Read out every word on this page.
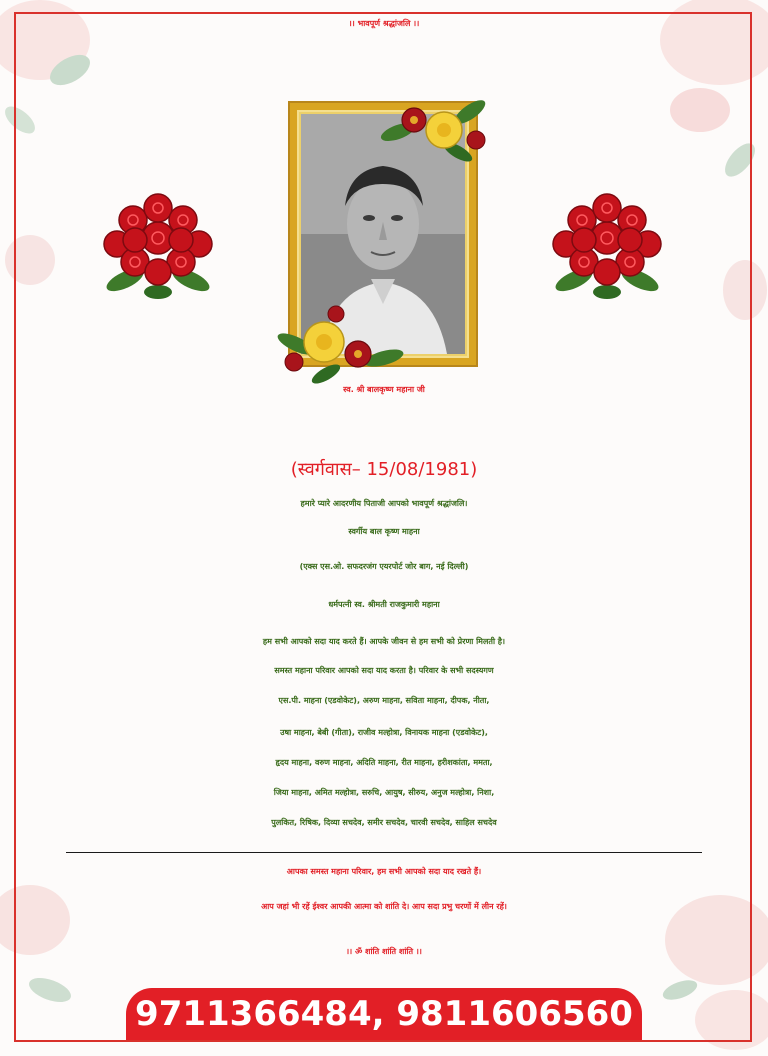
।। भावपूर्ण श्रद्धांजलि ।।
स्व. श्री बालकृष्ण महाना जी
(स्वर्गवास– 15/08/1981)
हमारे प्यारे आदरणीय पिताजी आपको भावपूर्ण श्रद्धांजलि।
स्वर्गीय बाल कृष्ण माहना
(एक्स एस.ओ. सफदरजंग एयरपोर्ट जोर बाग, नई दिल्ली)
धर्मपत्नी स्व. श्रीमती राजकुमारी महाना
हम सभी आपको सदा याद करते हैं। आपके जीवन से हम सभी को प्रेरणा मिलती है।
समस्त महाना परिवार आपको सदा याद करता है। परिवार के सभी सदस्यगण
एस.पी. माहना (एडवोकेट), अरुण माहना, सविता माहना, दीपक, नीता,
उषा माहना, बेबी (गीता), राजीव मल्होत्रा, विनायक माहना (एडवोकेट),
हृदय माहना, वरुण माहना, अदिति माहना, रीत माहना, हरीशकांता, ममता,
जिया माहना, अमित मल्होत्रा, सरुचि, आयुष, सीरुय, अनुज मल्होत्रा, निशा,
पुलकित, रिषिक, दिव्या सचदेव, समीर सचदेव, चारवी सचदेव, साहिल सचदेव
आपका समस्त महाना परिवार, हम सभी आपको सदा याद रखते हैं।
आप जहां भी रहें ईश्वर आपकी आत्मा को शांति दे। आप सदा प्रभु चरणों में लीन रहें।
।। ॐ शांति शांति शांति ।।
9711366484, 9811606560
